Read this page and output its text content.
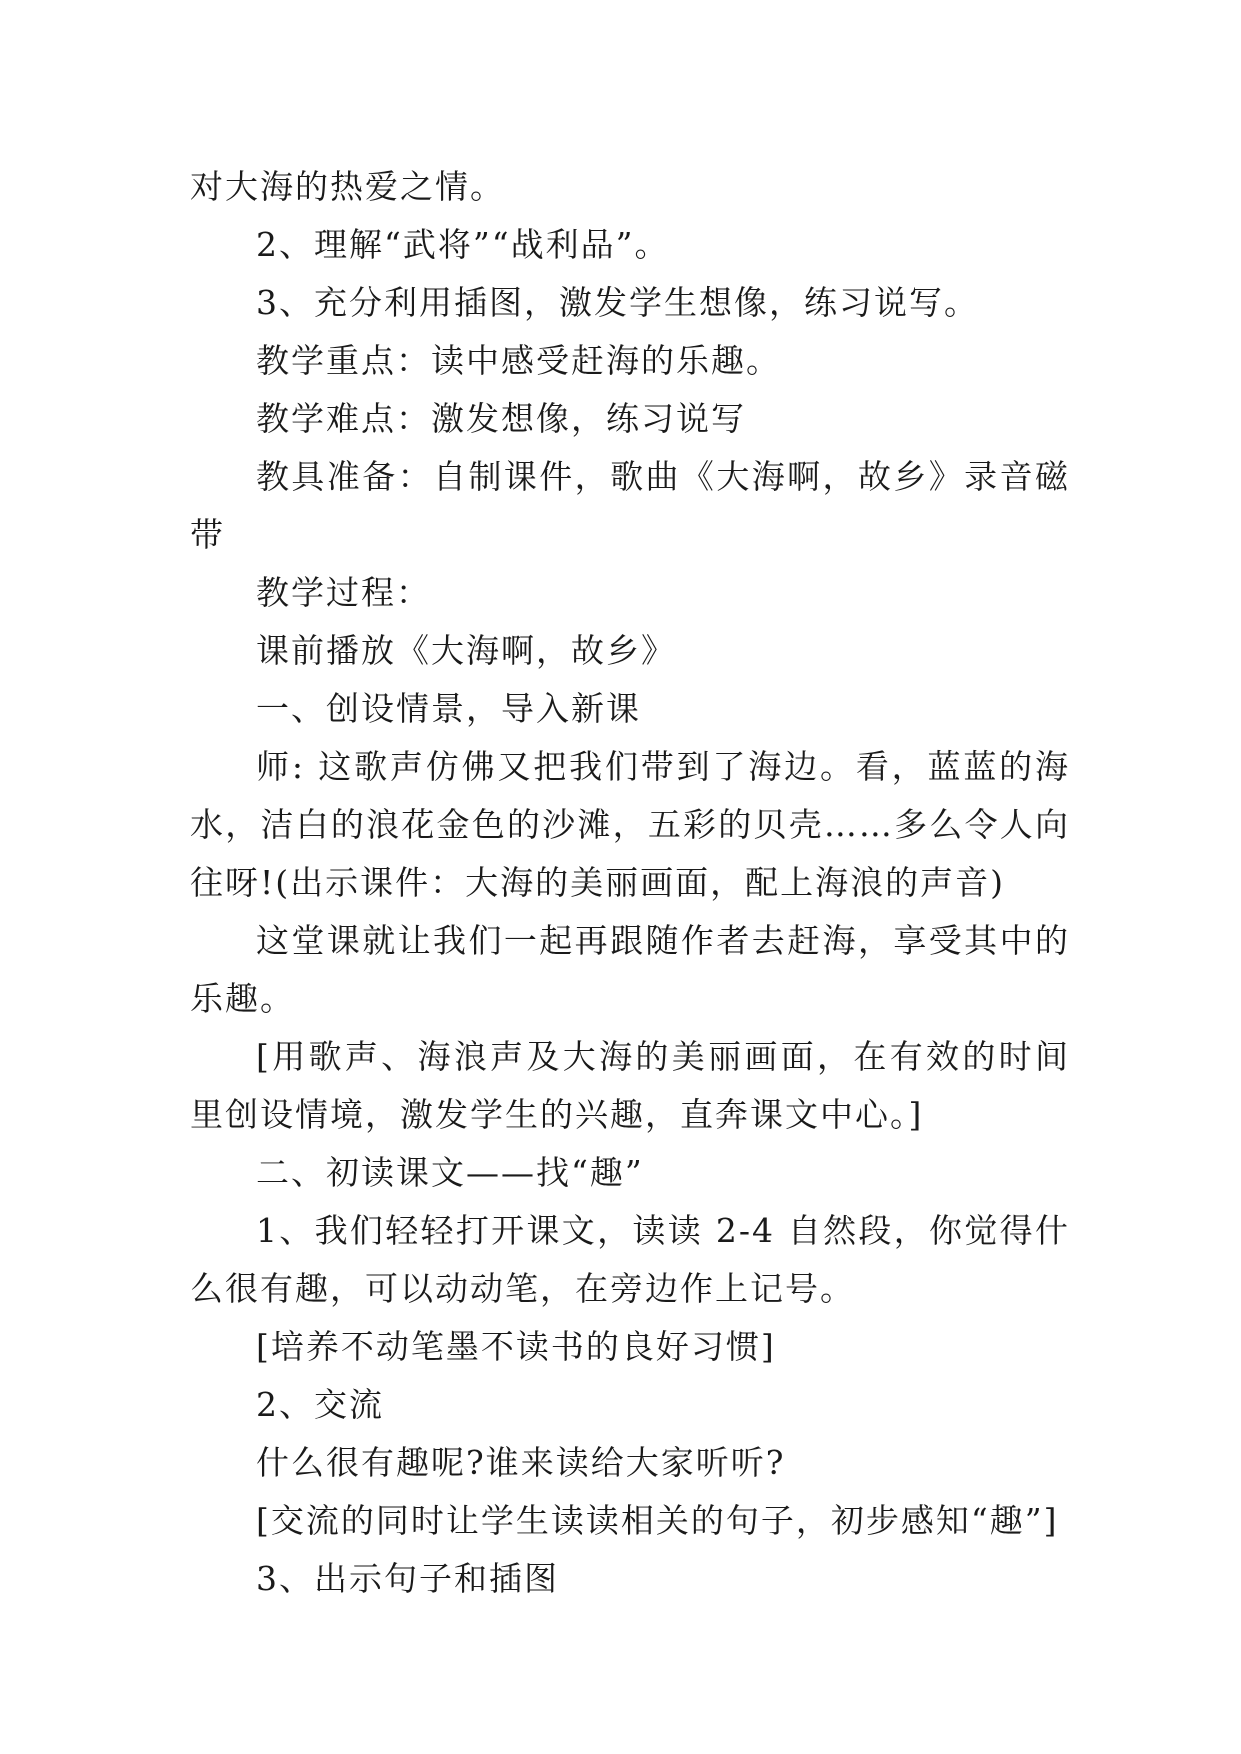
对大海的热爱之情。

2、理解“武将”“战利品”。

3、充分利用插图，激发学生想像，练习说写。

教学重点：读中感受赶海的乐趣。

教学难点：激发想像，练习说写

教具准备：自制课件，歌曲《大海啊，故乡》录音磁带

教学过程：

课前播放《大海啊，故乡》

一、创设情景，导入新课

师: 这歌声仿佛又把我们带到了海边。看，蓝蓝的海水，洁白的浪花金色的沙滩，五彩的贝壳……多么令人向往呀!(出示课件：大海的美丽画面，配上海浪的声音)

这堂课就让我们一起再跟随作者去赶海，享受其中的乐趣。

[用歌声、海浪声及大海的美丽画面，在有效的时间里创设情境，激发学生的兴趣，直奔课文中心。]

二、初读课文——找“趣”

1、我们轻轻打开课文，读读 2-4 自然段，你觉得什么很有趣，可以动动笔，在旁边作上记号。

[培养不动笔墨不读书的良好习惯]

2、交流

什么很有趣呢?谁来读给大家听听?

[交流的同时让学生读读相关的句子，初步感知“趣”]

3、出示句子和插图
